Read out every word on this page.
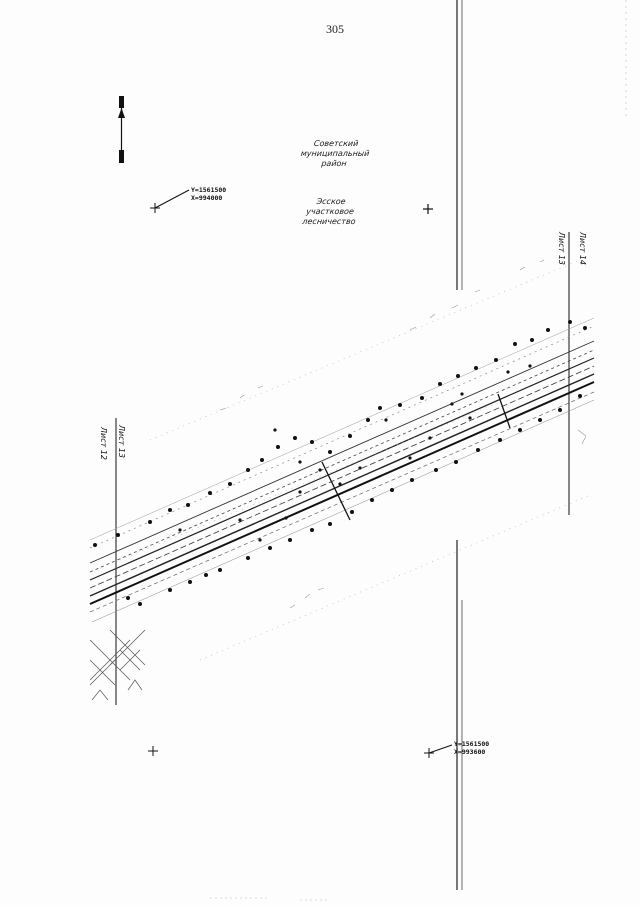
305
Советский
муниципальный
район
Эсское
участковое
лесничество
Y=1561500
X=994000
Y=1561500
X=993600
Лист 13
Лист 12
Лист 14
Лист 13
